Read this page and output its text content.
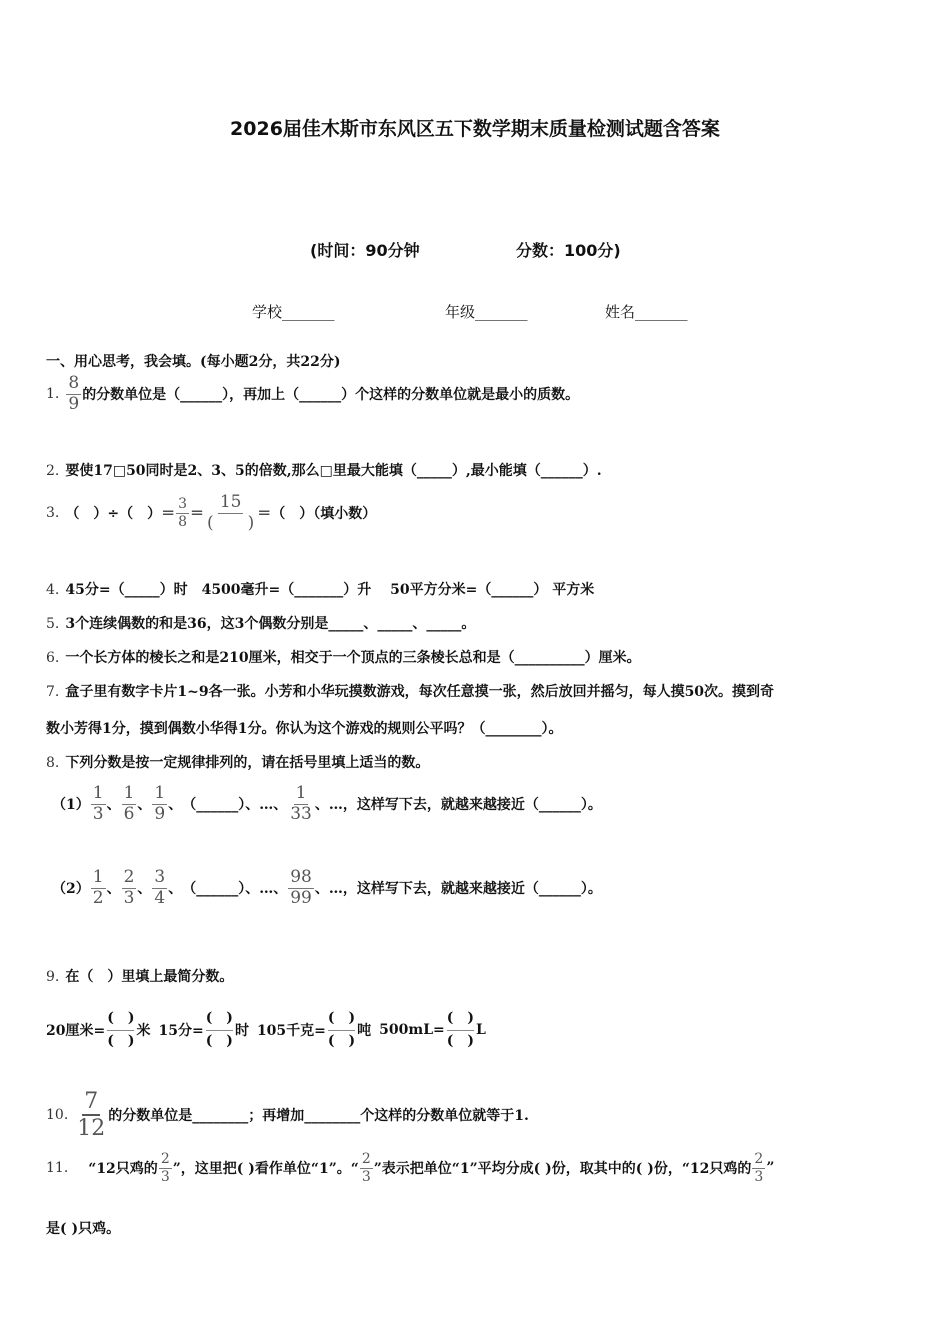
2026届佳木斯市东风区五下数学期末质量检测试题含答案
(时间：90分钟	分数：100分)
学校_______	年级_______	姓名_______
一、用心思考，我会填。(每小题2分，共22分)
1.
8
9 的分数单位是（______），再加上（______）个这样的分数单位就是最小的质数。
2. 要使17□50同时是2、3、5的倍数,那么□里最大能填（_____）,最小能填（______）.
3. （　）÷（　）＝
3
8 ＝
15
(　　) ＝（　）（填小数）
4. 45分=（_____）时　4500毫升=（_______）升　 50平方分米=（______） 平方米
5. 3个连续偶数的和是36，这3个偶数分别是_____、_____、_____。
6. 一个长方体的棱长之和是210厘米，相交于一个顶点的三条棱长总和是（__________）厘米。
7. 盒子里有数字卡片1~9各一张。小芳和小华玩摸数游戏，每次任意摸一张，然后放回并摇匀，每人摸50次。摸到奇
数小芳得1分，摸到偶数小华得1分。你认为这个游戏的规则公平吗？（________）。
8. 下列分数是按一定规律排列的，请在括号里填上适当的数。
（1）
1
3 、
1
6 、
1
9 、 （______）、…、
1
33 、…，这样写下去，就越来越接近（______）。
（2）
1
2 、
2
3 、
3
4 、 （______）、…、
98
99 、…，这样写下去，就越来越接近（______）。
9. 在（　）里填上最简分数。
20厘米=
(　)
(　)
米 15分=
(　)
(　)
时 105千克=
(　)
(　)
吨 500mL=
(　)
(　)
L
10.
7
12 的分数单位是________；再增加________个这样的分数单位就等于1.
11. “12只鸡的
2
3 ”，这里把( )看作单位“1”。“
2
3 ”表示把单位“1”平均分成( )份，取其中的( )份，“12只鸡的
2
3
”
是( )只鸡。
